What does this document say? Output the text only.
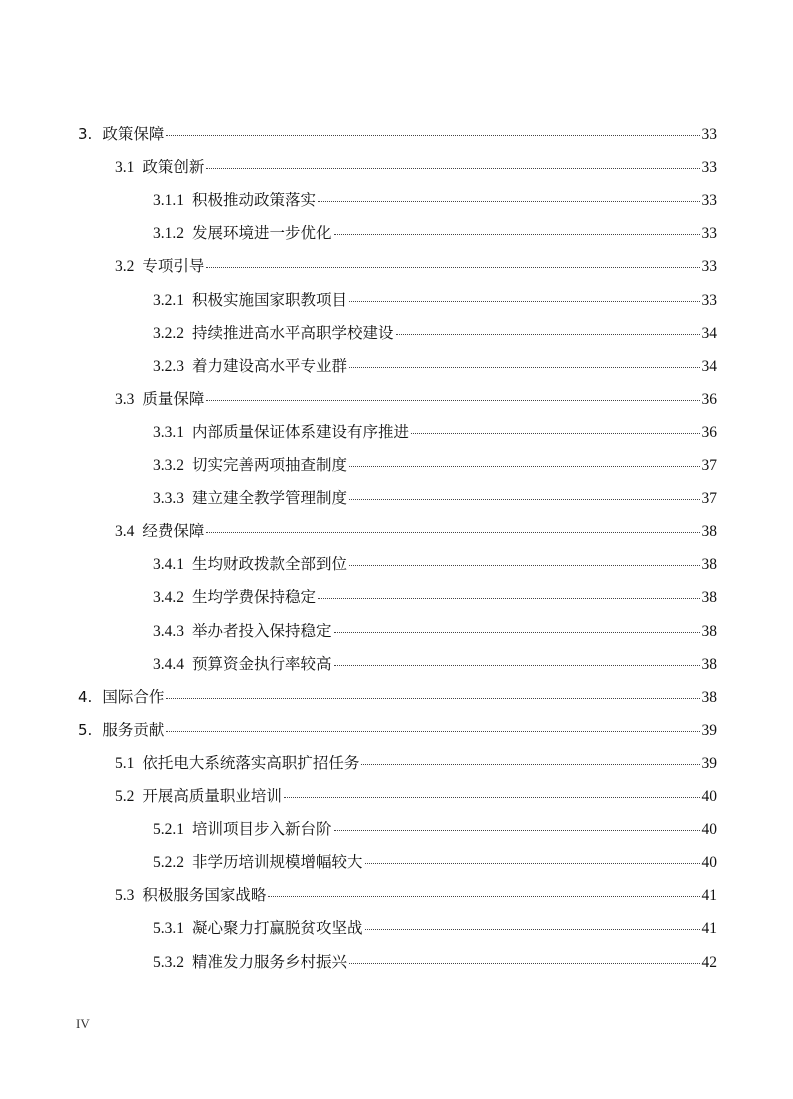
3. 政策保障	33
3.1 政策创新	33
3.1.1 积极推动政策落实	33
3.1.2 发展环境进一步优化	33
3.2 专项引导	33
3.2.1 积极实施国家职教项目	33
3.2.2 持续推进高水平高职学校建设	34
3.2.3 着力建设高水平专业群	34
3.3 质量保障	36
3.3.1 内部质量保证体系建设有序推进	36
3.3.2 切实完善两项抽查制度	37
3.3.3 建立建全教学管理制度	37
3.4 经费保障	38
3.4.1 生均财政拨款全部到位	38
3.4.2 生均学费保持稳定	38
3.4.3 举办者投入保持稳定	38
3.4.4 预算资金执行率较高	38
4. 国际合作	38
5. 服务贡献	39
5.1 依托电大系统落实高职扩招任务	39
5.2 开展高质量职业培训	40
5.2.1 培训项目步入新台阶	40
5.2.2 非学历培训规模增幅较大	40
5.3 积极服务国家战略	41
5.3.1 凝心聚力打赢脱贫攻坚战	41
5.3.2 精准发力服务乡村振兴	42
IV
